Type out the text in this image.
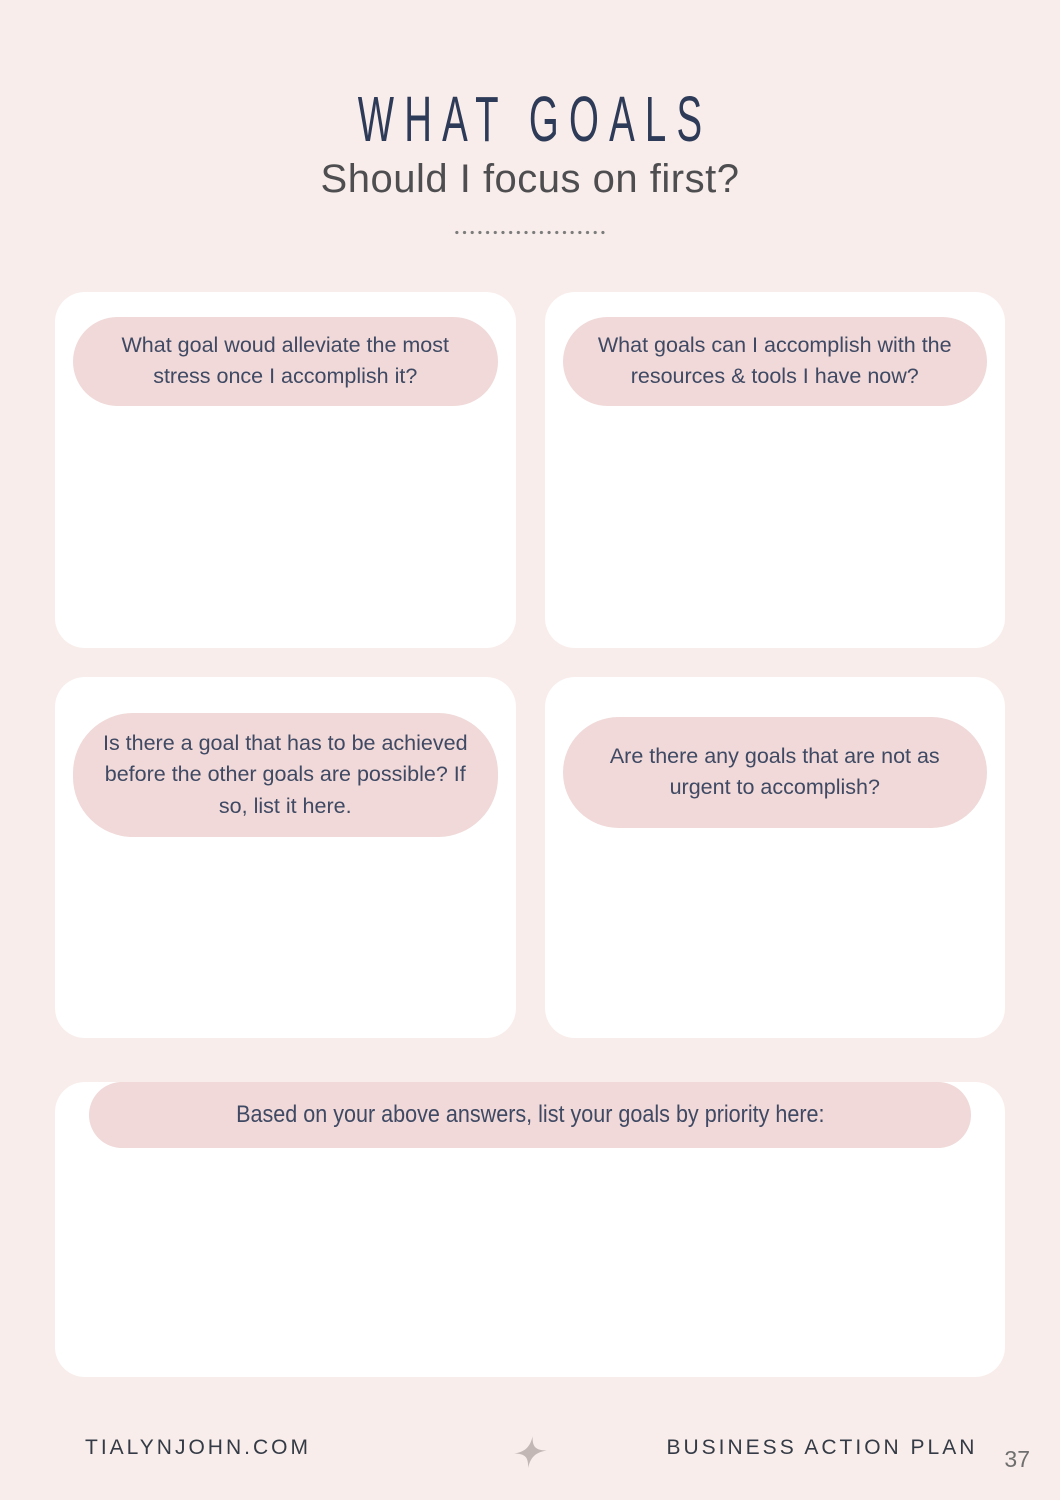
WHAT GOALS
Should I focus on first?
What goal woud alleviate the most stress once I accomplish it?
What goals can I accomplish with the resources & tools I have now?
Is there a goal that has to be achieved before the other goals are possible? If so, list it here.
Are there any goals that are not as urgent to accomplish?
Based on your above answers, list your goals by priority here:
TIALYNJOHN.COM	BUSINESS ACTION PLAN 37
